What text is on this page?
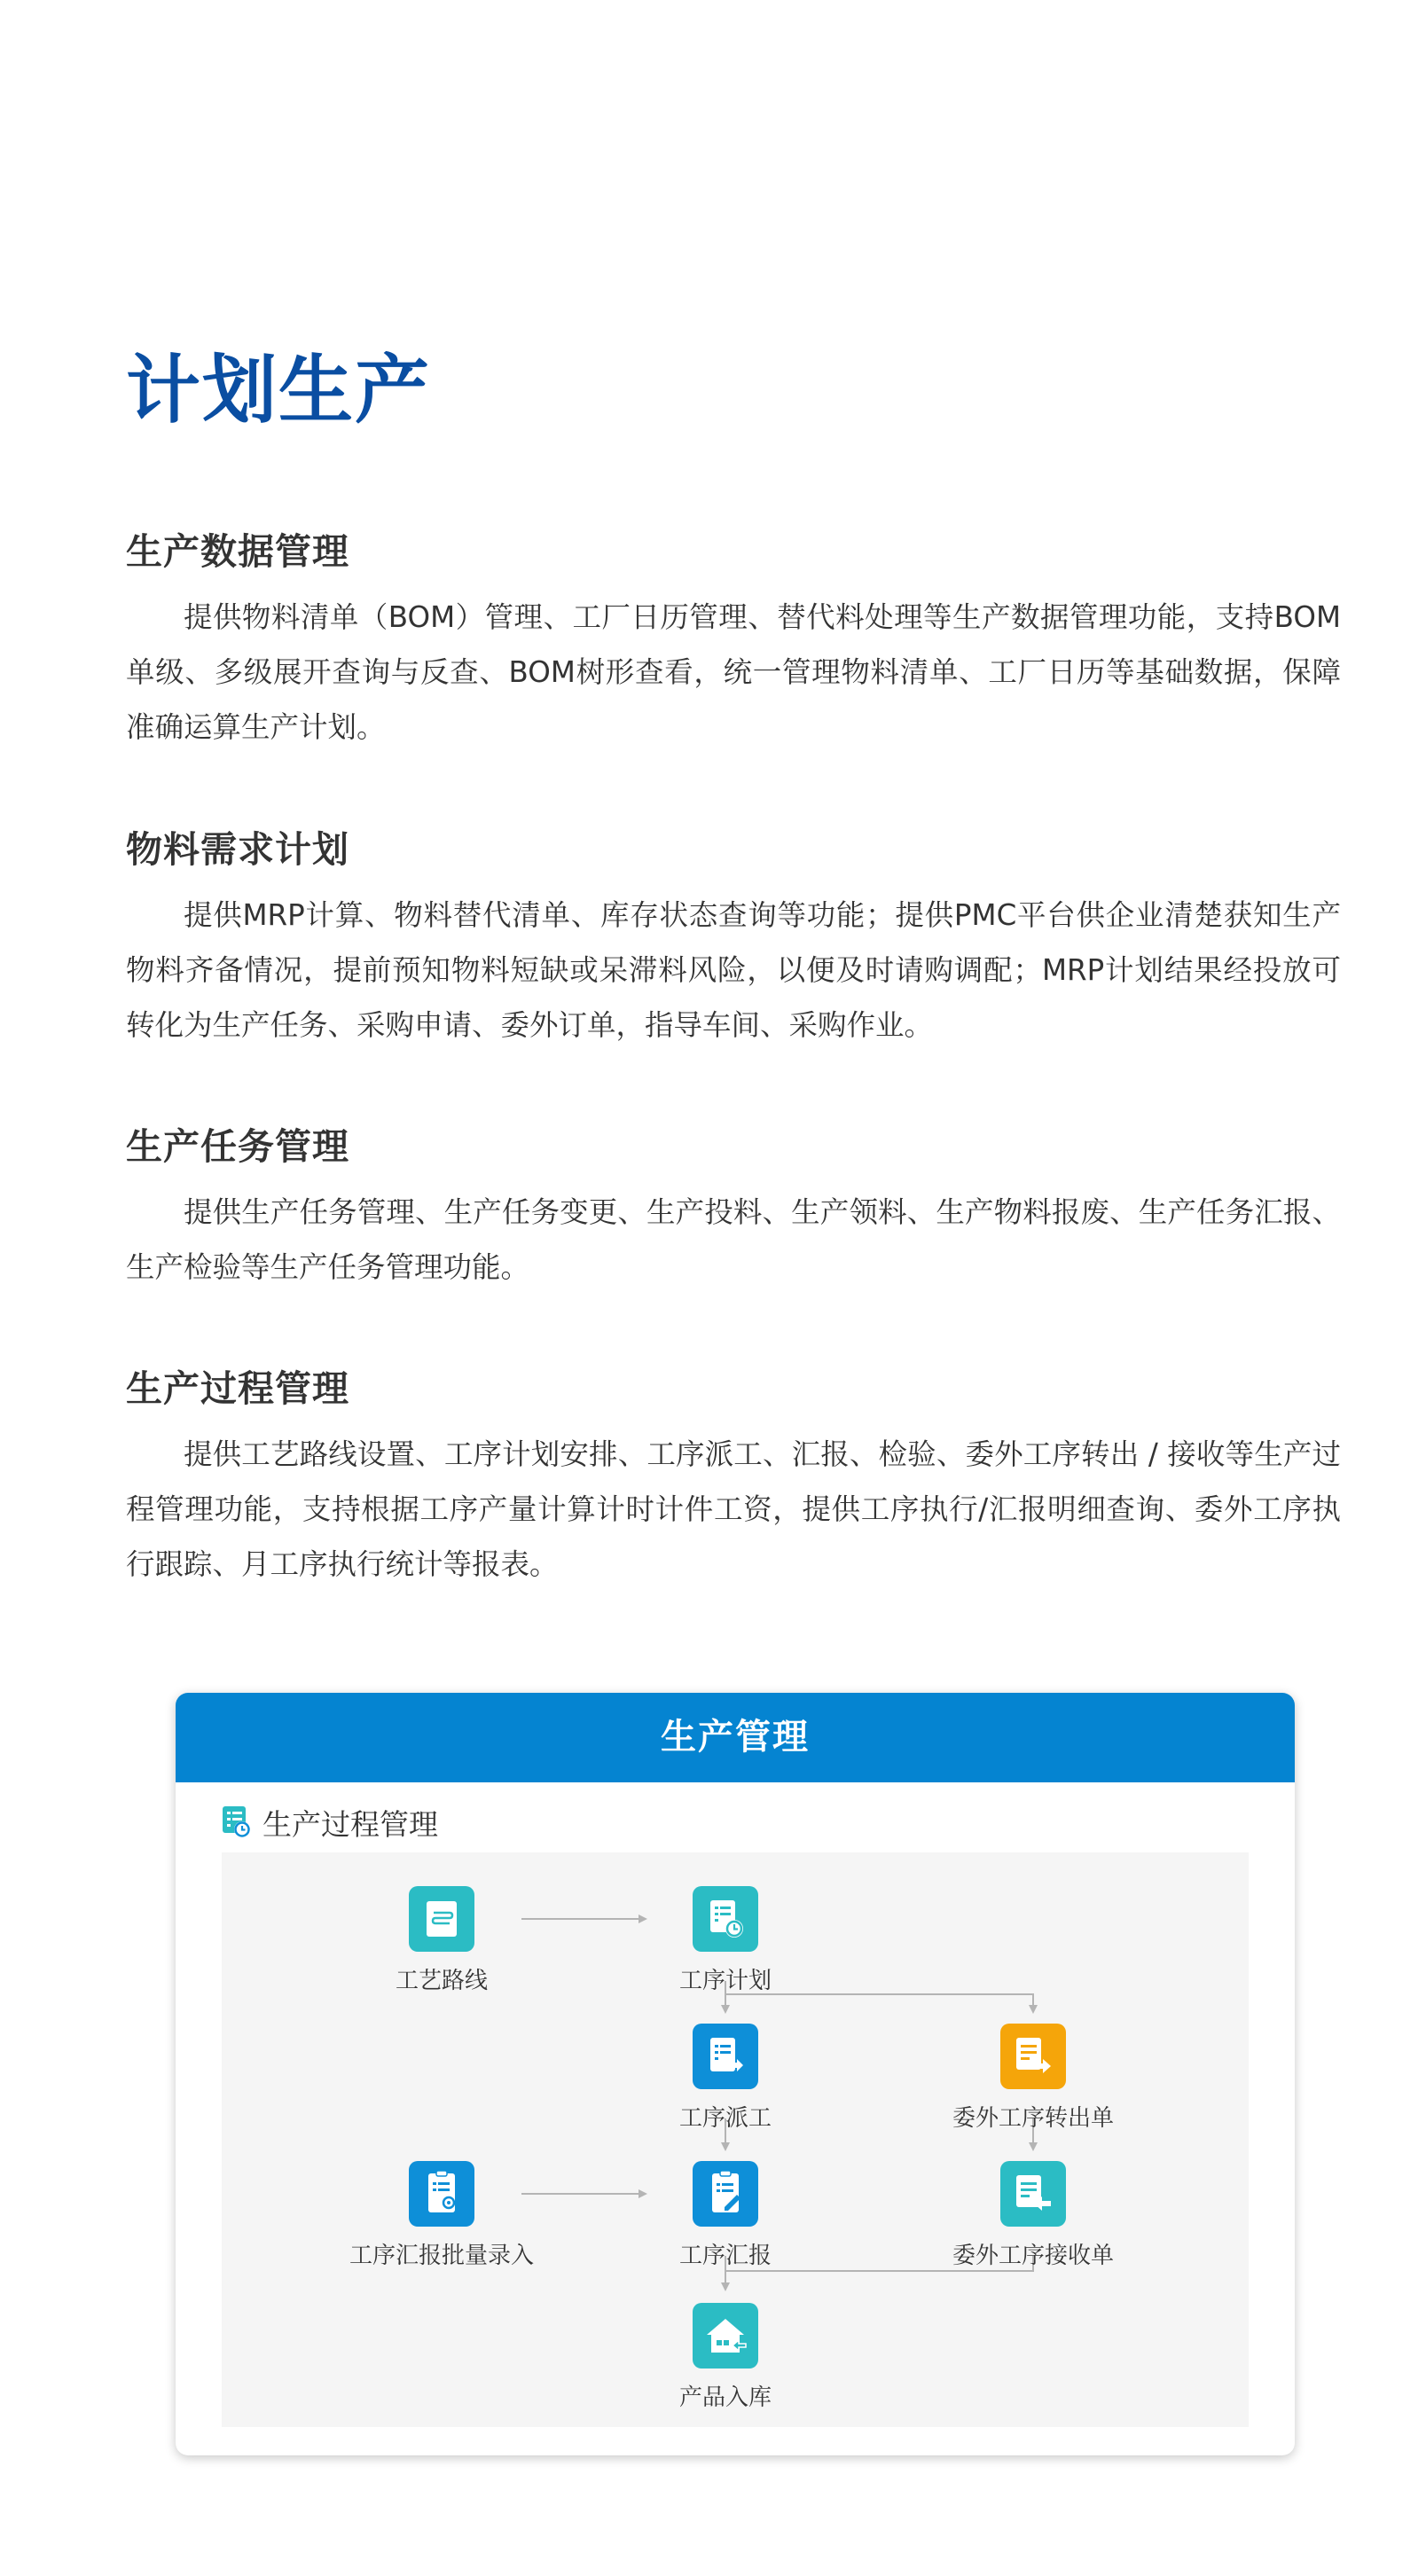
计划生产
生产数据管理

提供物料清单（BOM）管理、工厂日历管理、替代料处理等生产数据管理功能，支持BOM单级、多级展开查询与反查、BOM树形查看，统一管理物料清单、工厂日历等基础数据，保障准确运算生产计划。

物料需求计划

提供MRP计算、物料替代清单、库存状态查询等功能；提供PMC平台供企业清楚获知生产物料齐备情况，提前预知物料短缺或呆滞料风险，以便及时请购调配；MRP计划结果经投放可转化为生产任务、采购申请、委外订单，指导车间、采购作业。

生产任务管理

提供生产任务管理、生产任务变更、生产投料、生产领料、生产物料报废、生产任务汇报、生产检验等生产任务管理功能。

生产过程管理

提供工艺路线设置、工序计划安排、工序派工、汇报、检验、委外工序转出 / 接收等生产过程管理功能，支持根据工序产量计算计时计件工资，提供工序执行/汇报明细查询、委外工序执行跟踪、月工序执行统计等报表。

生产管理
生产过程管理
工艺路线	工序计划
工序派工	委外工序转出单
工序汇报批量录入	工序汇报	委外工序接收单
产品入库
